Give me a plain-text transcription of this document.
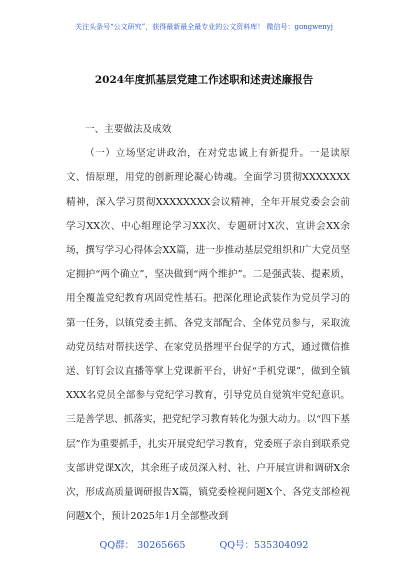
关注头条号“公文研究”，获得最新最全最专业的公文资料库！ 微信号：gongwenyj
2024年度抓基层党建工作述职和述责述廉报告

一、主要做法及成效

（一）立场坚定讲政治，在对党忠诚上有新提升。一是读原文、悟原理，用党的创新理论凝心铸魂。全面学习贯彻XXXXXXX精神，深入学习贯彻XXXXXXXX会议精神，全年开展党委会会前学习XX次、中心组理论学习XX次、专题研讨X次、宣讲会XX余场，撰写学习心得体会XX篇，进一步推动基层党组织和广大党员坚定拥护“两个确立”，坚决做到“两个维护”。二是强武装、提素质，用全覆盖党纪教育巩固党性基石。把深化理论武装作为党员学习的第一任务，以镇党委主抓、各党支部配合、全体党员参与，采取流动党员结对帮扶送学、在家党员搭埋平台促学的方式，通过微信推送、钉钉会议直播等掌上党课新平台，讲好“手机党课”，做到全镇XXX名党员全部参与党纪学习教育，引导党员自觉筑牢党纪意识。三是善学思、抓落实，把党纪学习教育转化为强大动力。以“四下基层”作为重要抓手，扎实开展党纪学习教育，党委班子亲自到联系党支部讲党课X次，其余班子成员深入村、社、户开展宣讲和调研X余次，形成高质量调研报告X篇，镇党委检视问题X个、各党支部检视问题X个，预计2025年1月全部整改到

QQ群： 30265665	QQ号：535304092
